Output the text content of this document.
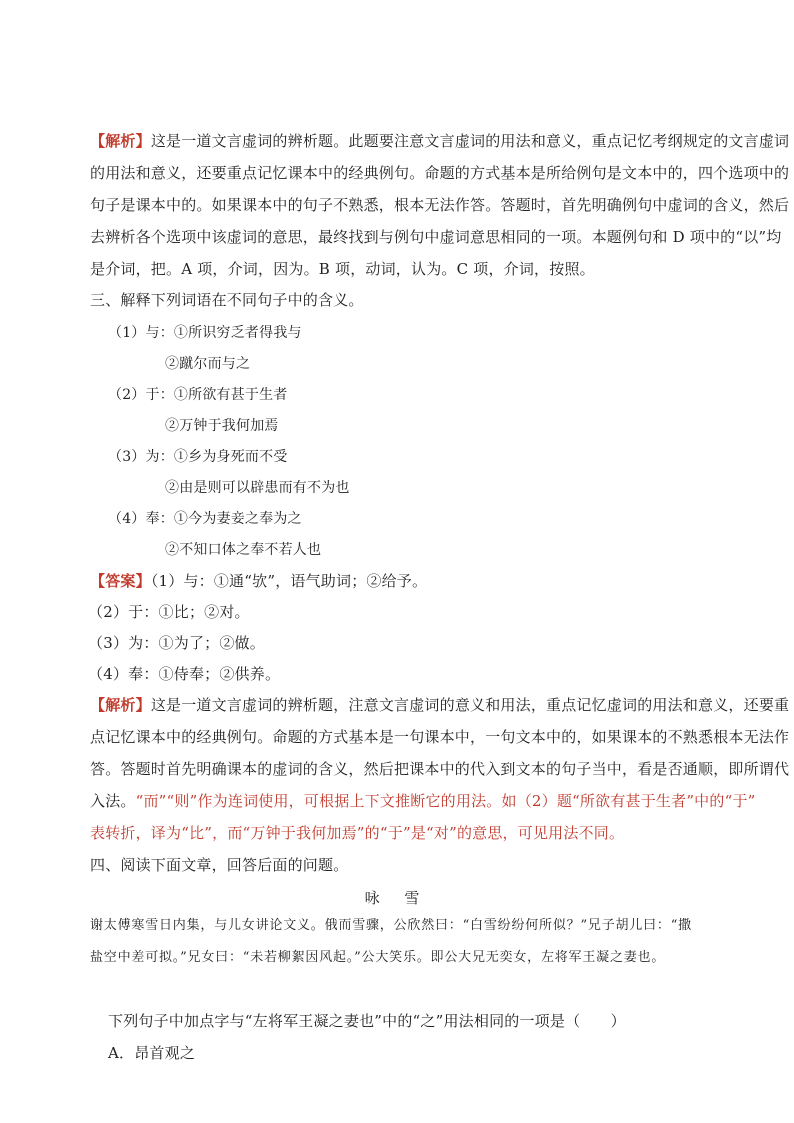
【解析】这是一道文言虚词的辨析题。此题要注意文言虚词的用法和意义，重点记忆考纲规定的文言虚词
的用法和意义，还要重点记忆课本中的经典例句。命题的方式基本是所给例句是文本中的，四个选项中的
句子是课本中的。如果课本中的句子不熟悉，根本无法作答。答题时，首先明确例句中虚词的含义，然后
去辨析各个选项中该虚词的意思，最终找到与例句中虚词意思相同的一项。本题例句和 D 项中的“以”均
是介词，把。A 项，介词，因为。B 项，动词，认为。C 项，介词，按照。
三、解释下列词语在不同句子中的含义。
（1）与：①所识穷乏者得我与
②蹴尔而与之
（2）于：①所欲有甚于生者
②万钟于我何加焉
（3）为：①乡为身死而不受
②由是则可以辟患而有不为也
（4）奉：①今为妻妾之奉为之
②不知口体之奉不若人也
【答案】（1）与：①通“欤”，语气助词；②给予。
（2）于：①比；②对。
（3）为：①为了；②做。
（4）奉：①侍奉；②供养。
【解析】这是一道文言虚词的辨析题，注意文言虚词的意义和用法，重点记忆虚词的用法和意义，还要重
点记忆课本中的经典例句。命题的方式基本是一句课本中，一句文本中的，如果课本的不熟悉根本无法作
答。答题时首先明确课本的虚词的含义，然后把课本中的代入到文本的句子当中，看是否通顺，即所谓代
入法。“而”“则”作为连词使用，可根据上下文推断它的用法。如（2）题“所欲有甚于生者”中的“于”
表转折，译为“比”，而“万钟于我何加焉”的“于”是“对”的意思，可见用法不同。
四、阅读下面文章，回答后面的问题。
咏 雪
谢太傅寒雪日内集，与儿女讲论文义。俄而雪骤，公欣然曰：“白雪纷纷何所似？”兄子胡儿曰：“撒
盐空中差可拟。”兄女曰：“未若柳絮因风起。”公大笑乐。即公大兄无奕女，左将军王凝之妻也。
下列句子中加点字与“左将军王凝之妻也”中的“之”用法相同的一项是（　　）
A．昂首观之
